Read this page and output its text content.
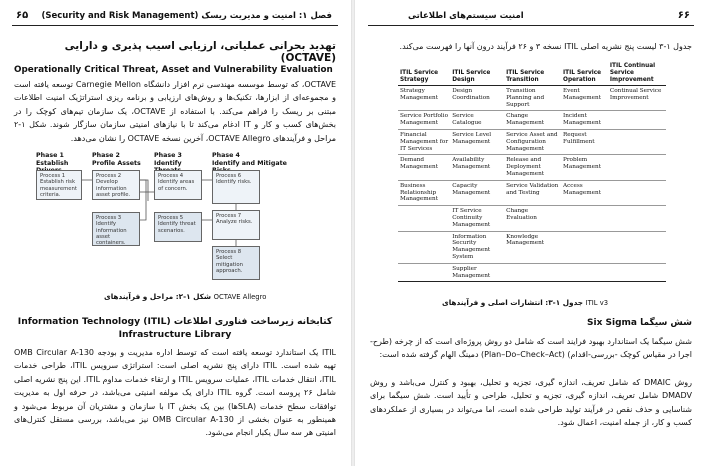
۶۵ فصل ۱: امنیت و مدیریت ریسک (Security and Risk Management)
تهدید بحرانی عملیاتی، ارزیابی اسیب پذیری و دارایی (OCTAVE)
Operationally Critical Threat, Asset and Vulnerability Evaluation
OCTAVE، که توسط موسسه مهندسی نرم افزار دانشگاه Carnegie Mellon توسعه یافته است و مجموعه‌ای از ابزارها، تکنیک‌ها و روش‌های ارزیابی و برنامه ریزی استراتژیک امنیت اطلاعات مبتنی بر ریسک را فراهم می‌کند. با استفاده از OCTAVE، یک سازمان تیم‌های کوچک را در بخش‌های کسب و کار و IT ادغام می‌کند تا با نیازهای امنیتی سازمان سازگار شوند. شکل ۱-۲ مراحل و فرآیندهای OCTAVE Allegro، آخرین نسخه OCTAVE را نشان می‌دهد.
Phase 1
Establish
Phase 2
Profile Assets
Phase 3
Identify
Phase 4
Identify and Mitigate
Process 1
Establish risk measurement criteria.
Process 2
Develop information asset profile.
Process 3
Identify information asset containers.
Process 4
Identify areas of concern.
Process 5
Identify threat scenarios.
Process 6
Identify risks.
Process 7
Analyze risks.
Process 8
Select mitigation approach.
OCTAVE Allegro شکل ۱-۲: مراحل و فرآیندهای
کتابخانه زیرساخت فناوری اطلاعات Information Technology (ITIL)
Infrastructure Library
ITIL یک استاندارد توسعه یافته است که توسط اداره مدیریت و بودجه OMB Circular A-130 تهیه شده است. ITIL دارای پنج نشریه اصلی است: استراتژی سرویس ITIL، طراحی خدمات ITIL، انتقال خدمات ITIL، عملیات سرویس ITIL و ارتقاء خدمات مداوم ITIL. این پنج نشریه اصلی شامل ۲۶ پروسه است. گروه ITIL دارای یک مولفه امنیتی می‌باشد، در حرفه اول به مدیریت توافقات سطح خدمات (SLAها) بین یک بخش IT با سازمان و مشتریان آن مربوط می‌شود و همینطور به عنوان بخشی از OMB Circular A-130 نیز می‌باشد، بررسی مستقل کنترل‌های امنیتی هر سه سال یکبار انجام می‌شود.
۶۶
امنیت سیستم‌های اطلاعاتی
جدول ۱-۳ لیست پنج نشریه اصلی ITIL نسخه ۳ و ۲۶ فرآیند درون آنها را فهرست می‌کند.
ITIL Service Strategy	ITIL Service Design	ITIL Service Transition	ITIL Service Operation	ITIL Continual Service Improvement
Strategy Management	Design Coordination	Transition Planning and Support	Event Management	Continual Service Improvement
Service Portfolio Management	Service Catalogue	Change Management	Incident Management	
Financial Management for IT Services	Service Level Management	Service Asset and Configuration Management	Request Fulfillment	
Demand Management	Availability Management	Release and Deployment Management	Problem Management	
Business Relationship Management	Capacity Management	Service Validation and Testing	Access Management	
	IT Service Continuity Management	Change Evaluation		
	Information Security Management System	Knowledge Management		
	Supplier Management			
ITIL v3 جدول ۱-۳: انتشارات اصلی و فرآیندهای
شش سیگما Six Sigma
شش سیگما یک استاندارد بهبود فرایند است که شامل دو روش پروژه‌ای است که از چرخه (طرح-اجرا در مقیاس کوچک -بررسی-اقدام) (Plan–Do–Check–Act) دمینگ الهام گرفته شده است:
روش DMAIC که شامل تعریف، اندازه گیری، تجزیه و تحلیل، بهبود و کنترل می‌باشد و روش DMADV شامل تعریف، اندازه گیری، تجزیه و تحلیل، طراحی و تأیید است. شش سیگما برای شناسایی و حذف نقص در فرآیند تولید طراحی شده است، اما می‌تواند در بسیاری از عملکردهای کسب و کار، از جمله امنیت، اعمال شود.
